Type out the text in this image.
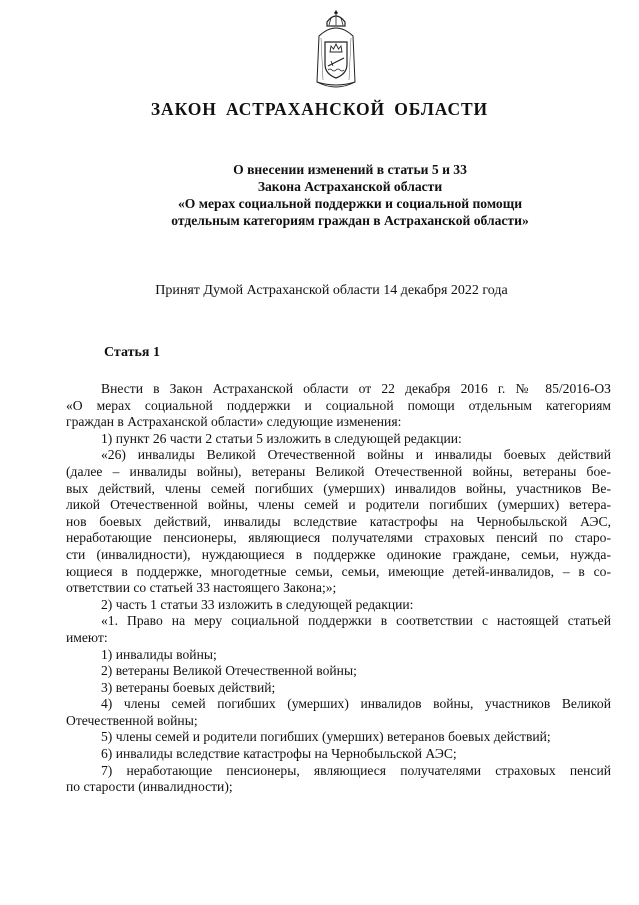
ЗАКОН АСТРАХАНСКОЙ ОБЛАСТИ
О внесении изменений в статьи 5 и 33
Закона Астраханской области
«О мерах социальной поддержки и социальной помощи
отдельным категориям граждан в Астраханской области»
Принят Думой Астраханской области 14 декабря 2022 года
Статья 1
Внести в Закон Астраханской области от 22 декабря 2016 г. № 85/2016-ОЗ
«О мерах социальной поддержки и социальной помощи отдельным категориям
граждан в Астраханской области» следующие изменения:
1) пункт 26 части 2 статьи 5 изложить в следующей редакции:
«26) инвалиды Великой Отечественной войны и инвалиды боевых действий
(далее – инвалиды войны), ветераны Великой Отечественной войны, ветераны бое-
вых действий, члены семей погибших (умерших) инвалидов войны, участников Ве-
ликой Отечественной войны, члены семей и родители погибших (умерших) ветера-
нов боевых действий, инвалиды вследствие катастрофы на Чернобыльской АЭС,
неработающие пенсионеры, являющиеся получателями страховых пенсий по старо-
сти (инвалидности), нуждающиеся в поддержке одинокие граждане, семьи, нужда-
ющиеся в поддержке, многодетные семьи, семьи, имеющие детей-инвалидов, – в со-
ответствии со статьей 33 настоящего Закона;»;
2) часть 1 статьи 33 изложить в следующей редакции:
«1. Право на меру социальной поддержки в соответствии с настоящей статьей
имеют:
1) инвалиды войны;
2) ветераны Великой Отечественной войны;
3) ветераны боевых действий;
4) члены семей погибших (умерших) инвалидов войны, участников Великой
Отечественной войны;
5) члены семей и родители погибших (умерших) ветеранов боевых действий;
6) инвалиды вследствие катастрофы на Чернобыльской АЭС;
7) неработающие пенсионеры, являющиеся получателями страховых пенсий
по старости (инвалидности);
